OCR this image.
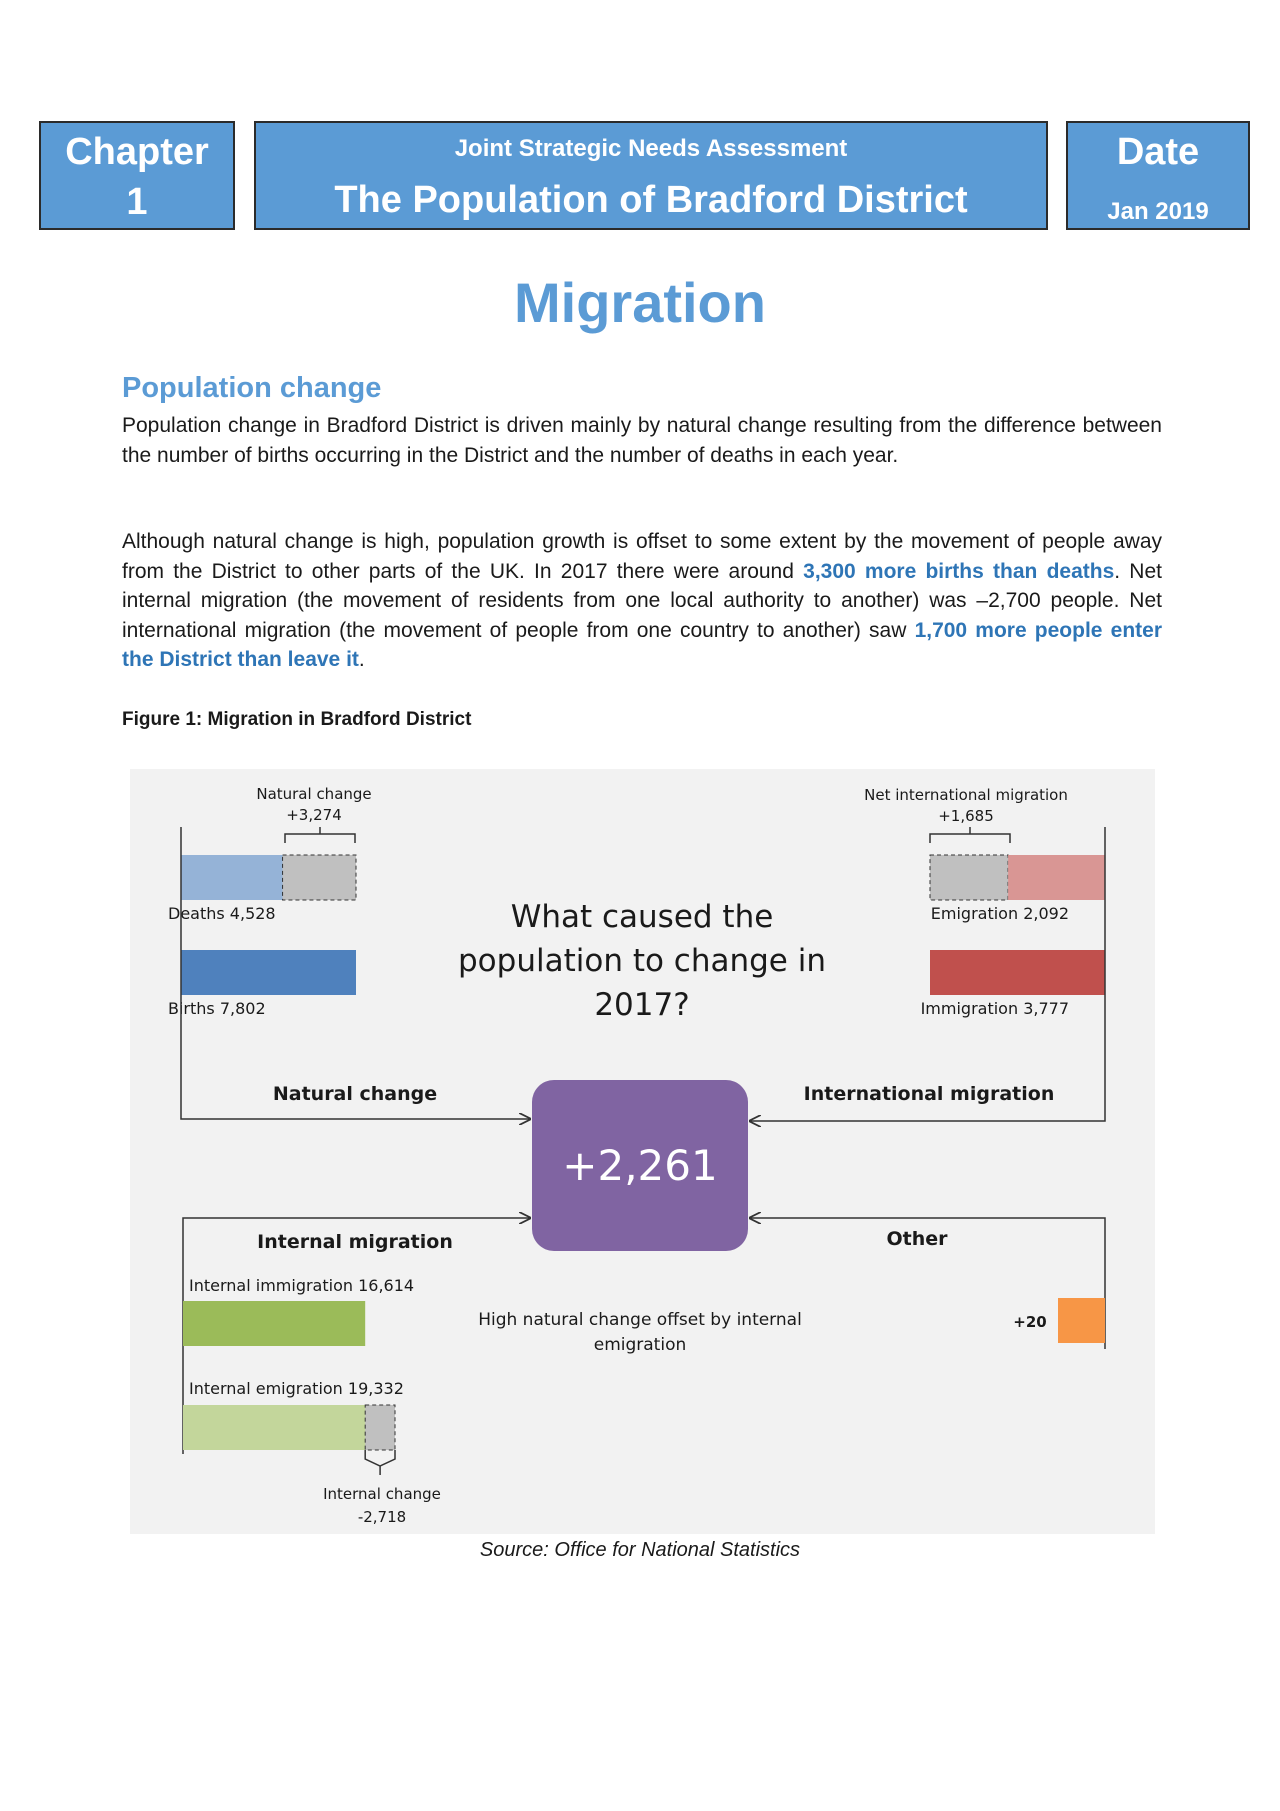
Chapter
1
Joint Strategic Needs Assessment
The Population of Bradford District
Date
Jan 2019
Migration
Population change
Population change in Bradford District is driven mainly by natural change resulting from the difference between the number of births occurring in the District and the number of deaths in each year.
Although natural change is high, population growth is offset to some extent by the movement of people away from the District to other parts of the UK. In 2017 there were around 3,300 more births than deaths. Net internal migration (the movement of residents from one local authority to another) was –2,700 people. Net international migration (the movement of people from one country to another) saw 1,700 more people enter the District than leave it.
Figure 1: Migration in Bradford District
Natural change
+3,274
Deaths 4,528
Births 7,802
Natural change
Net international migration
+1,685
Emigration 2,092
Immigration 3,777
International migration
What caused the
population to change in
2017?
+2,261
Internal migration
Internal immigration 16,614
Internal emigration 19,332
Internal change
-2,718
High natural change offset by internal
emigration
Other
+20
Source: Office for National Statistics
